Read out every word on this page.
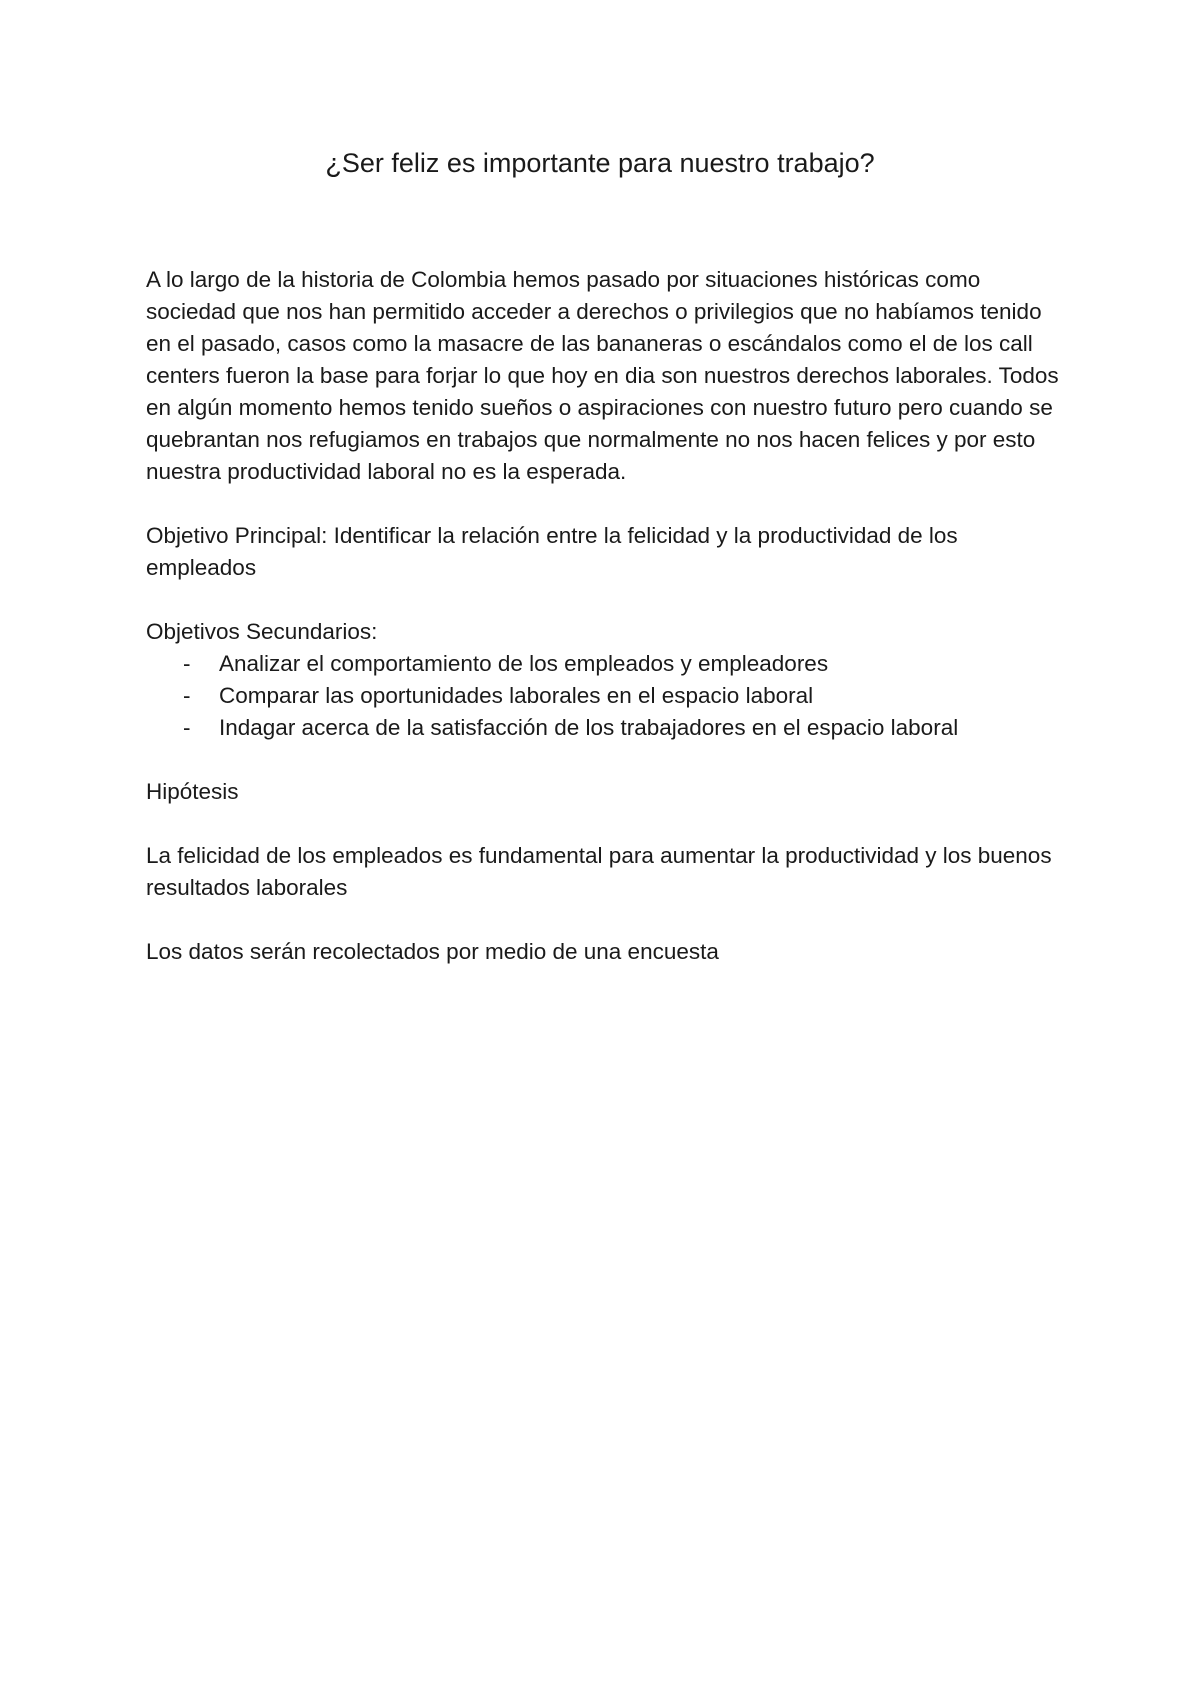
¿Ser feliz es importante para nuestro trabajo?

A lo largo de la historia de Colombia hemos pasado por situaciones históricas como sociedad que nos han permitido acceder a derechos o privilegios que no habíamos tenido en el pasado, casos como la masacre de las bananeras o escándalos como el de los call centers fueron la base para forjar lo que hoy en dia son nuestros derechos laborales. Todos en algún momento hemos tenido sueños o aspiraciones con nuestro futuro pero cuando se quebrantan nos refugiamos en trabajos que normalmente no nos hacen felices y por esto nuestra productividad laboral no es la esperada.

Objetivo Principal: Identificar la relación entre la felicidad y la productividad de los empleados

Objetivos Secundarios:

- Analizar el comportamiento de los empleados y empleadores
- Comparar las oportunidades laborales en el espacio laboral
- Indagar acerca de la satisfacción de los trabajadores en el espacio laboral

Hipótesis

La felicidad de los empleados es fundamental para aumentar la productividad y los buenos resultados laborales

Los datos serán recolectados por medio de una encuesta
